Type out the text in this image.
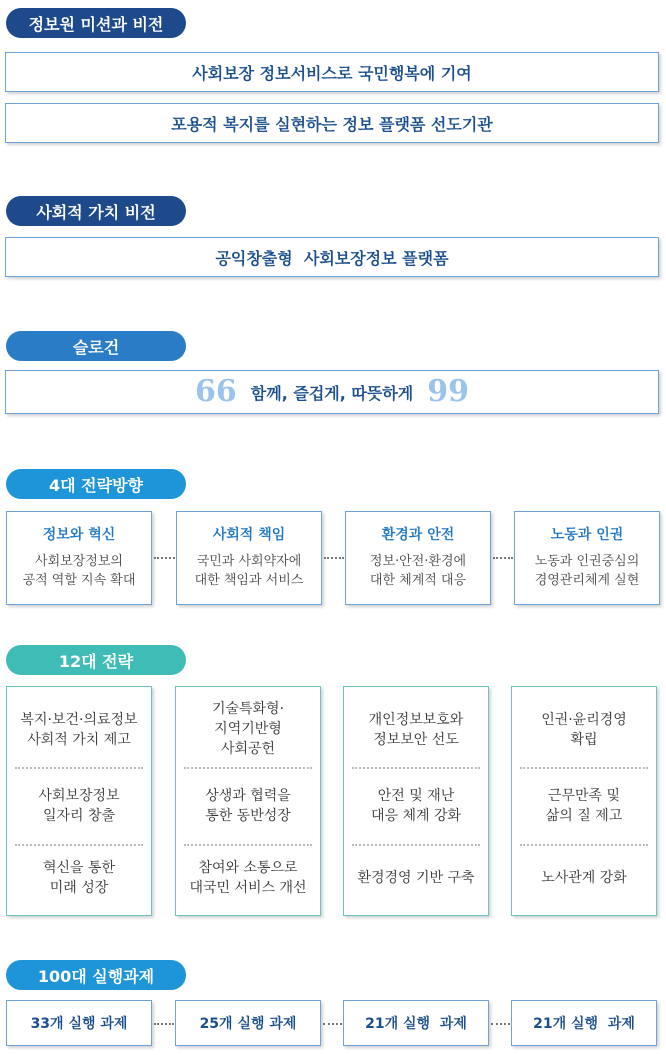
정보원 미션과 비전
사회보장 정보서비스로 국민행복에 기여
포용적 복지를 실현하는 정보 플랫폼 선도기관
사회적 가치 비전
공익창출형  사회보장정보 플랫폼
슬로건
66 함께, 즐겁게, 따뜻하게 99
4대 전략방향
정보와 혁신
사회보장정보의
공적 역할 지속 확대
사회적 책임
국민과 사회약자에
대한 책임과 서비스
환경과 안전
정보·안전·환경에
대한 체계적 대응
노동과 인권
노동과 인권중심의
경영관리체계 실현
12대 전략
복지·보건·의료정보
사회적 가치 제고
사회보장정보
일자리 창출
혁신을 통한
미래 성장
기술특화형·
지역기반형
사회공헌
상생과 협력을
통한 동반성장
참여와 소통으로
대국민 서비스 개선
개인정보보호와
정보보안 선도
안전 및 재난
대응 체계 강화
환경경영 기반 구축
인권·윤리경영
확립
근무만족 및
삶의 질 제고
노사관계 강화
100대 실행과제
33개 실행 과제	25개 실행 과제	21개 실행  과제	21개 실행  과제
